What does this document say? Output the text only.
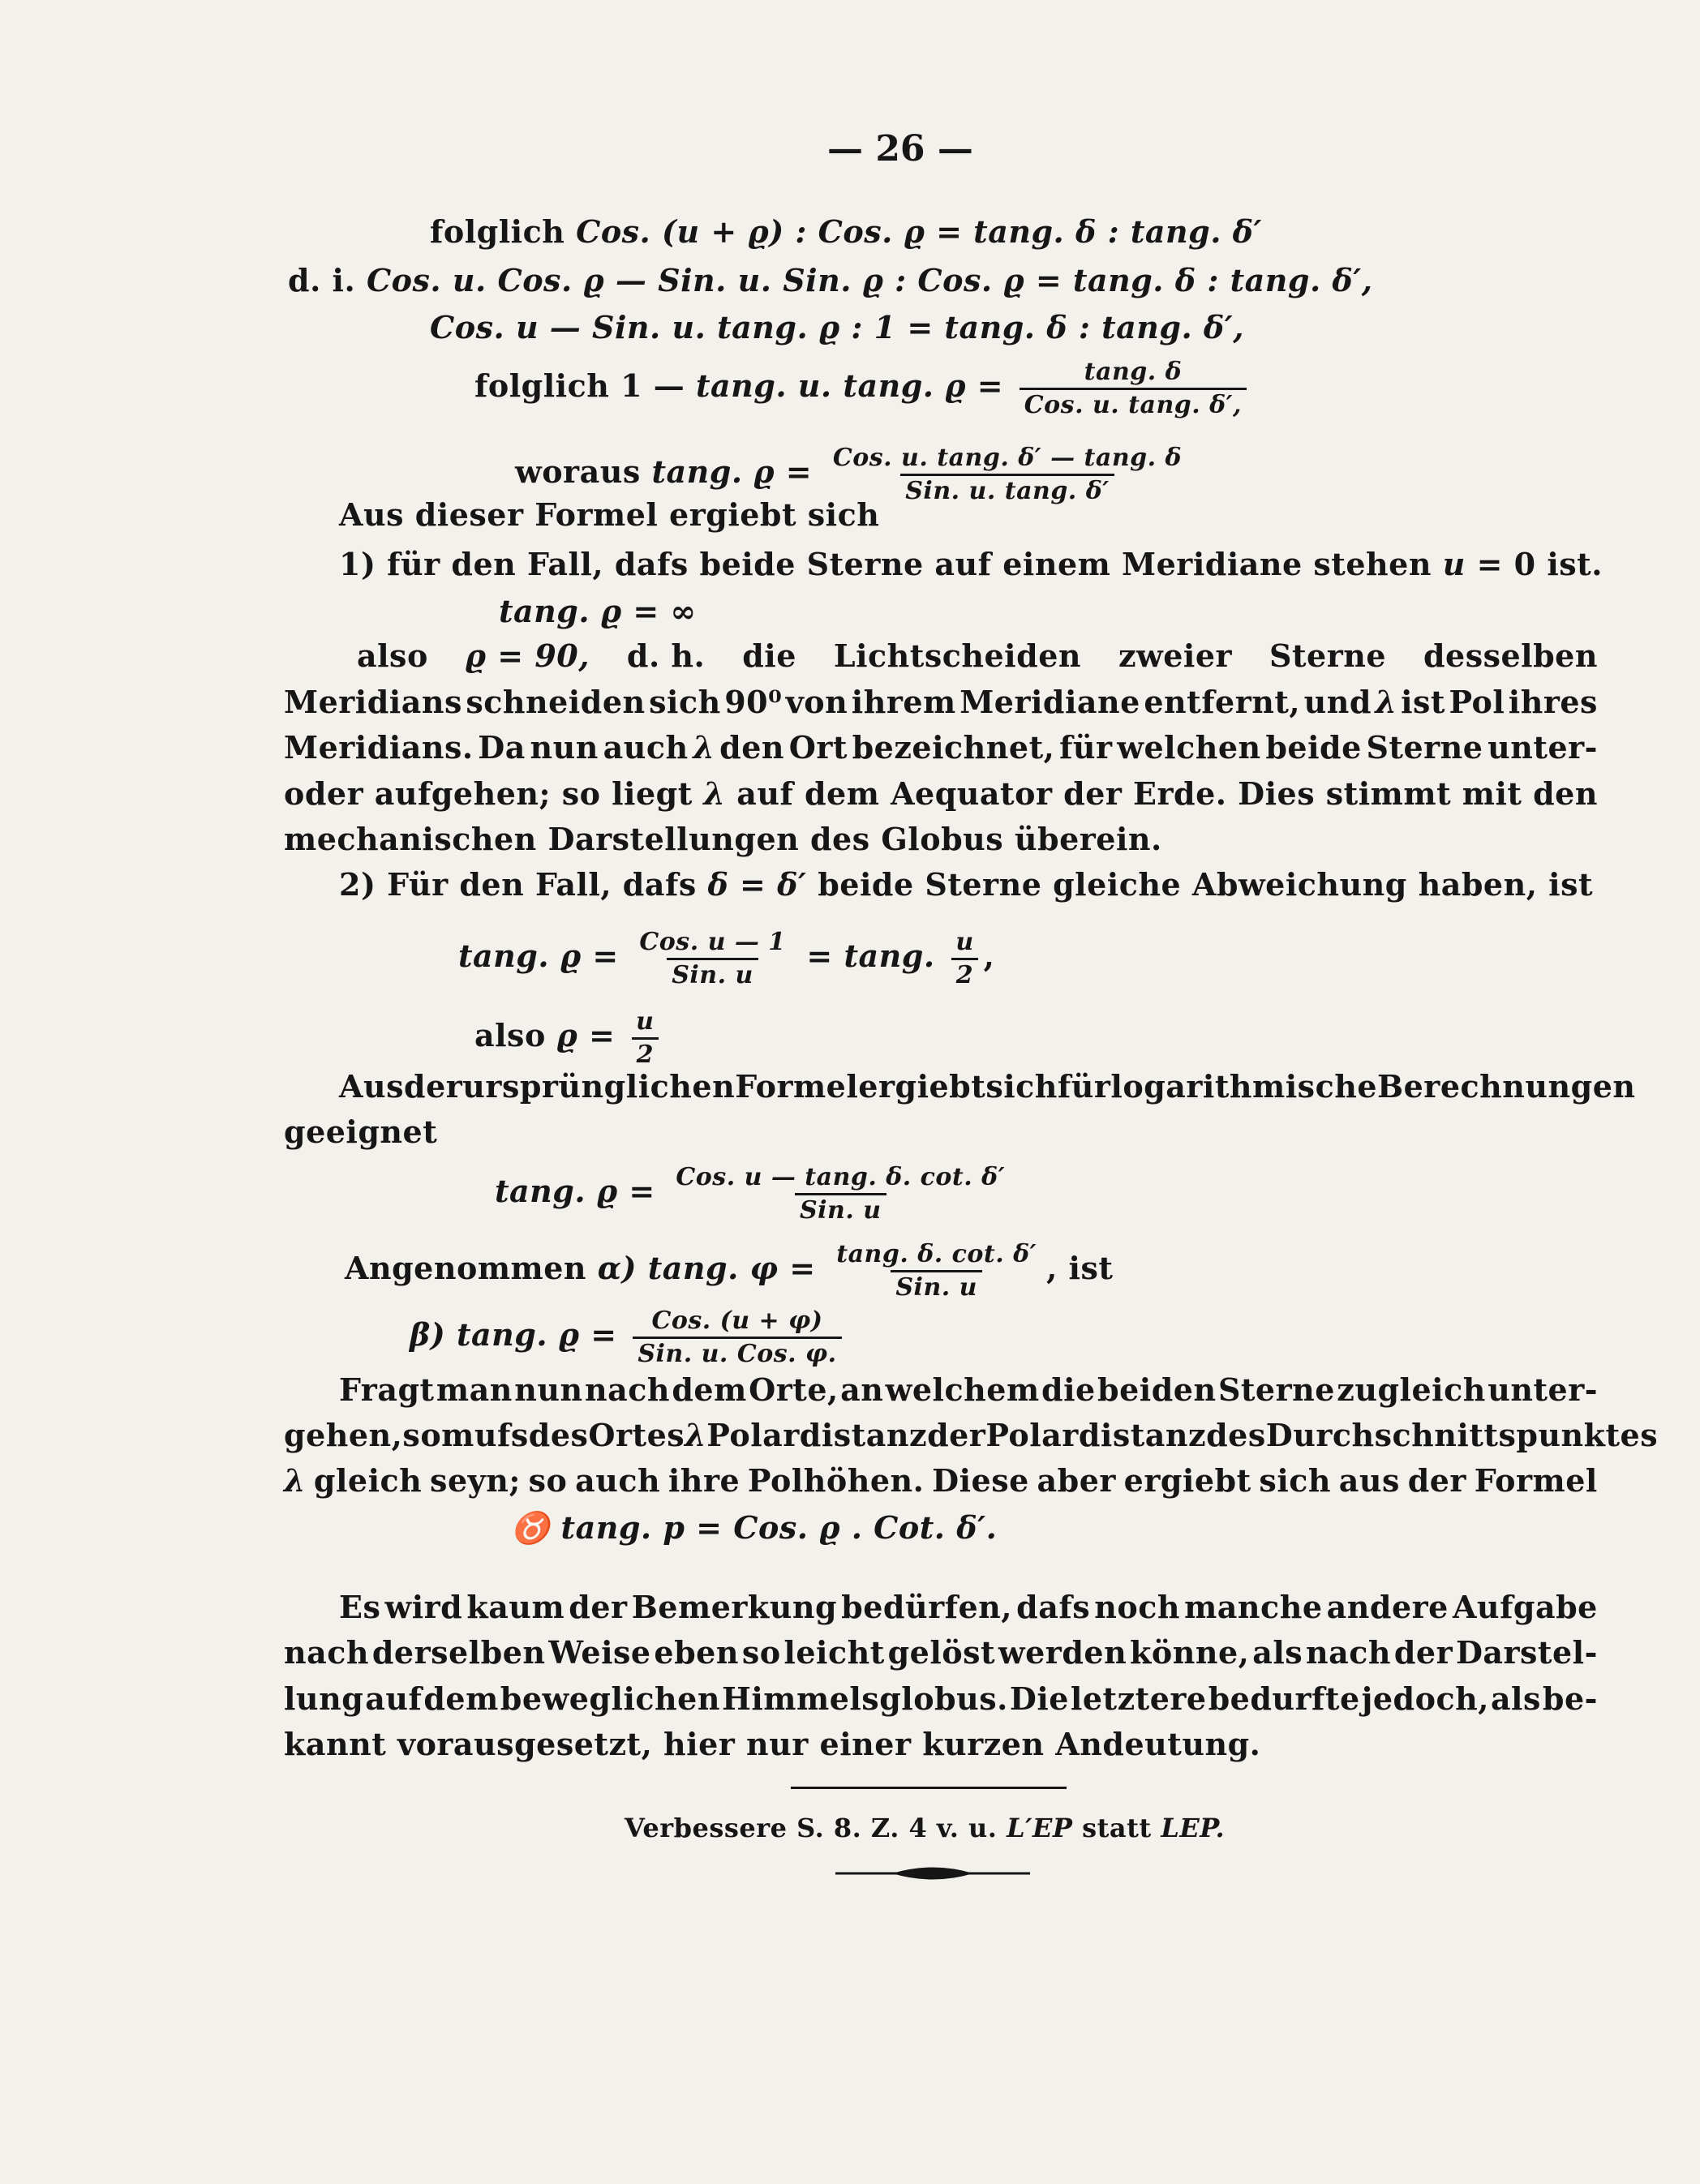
— 26 —
folglich Cos. (u + ϱ) : Cos. ϱ = tang. δ : tang. δ′
d. i. Cos. u. Cos. ϱ — Sin. u. Sin. ϱ : Cos. ϱ = tang. δ : tang. δ′,
Cos. u — Sin. u. tang. ϱ : 1 = tang. δ : tang. δ′,
folglich 1 — tang. u. tang. $ϱ = \frac{\tan g. \delta}{\text{Cos. u. tang. δ′,}}$
woraus tang. $ϱ = \frac{\text{Cos. u. tang. δ′ — tang. δ}}{\text{Sin. u. tang. δ′}}$
Aus dieser Formel ergiebt sich
1) für den Fall, dafs beide Sterne auf einem Meridiane stehen u = 0 ist.
tang. ϱ = ∞
also ϱ = 90, d. h. die Lichtscheiden zweier Sterne desselben
Meridians schneiden sich 90⁰ von ihrem Meridiane entfernt, und λ ist Pol ihres
Meridians. Da nun auch λ den Ort bezeichnet, für welchen beide Sterne unter-
oder aufgehen; so liegt λ auf dem Aequator der Erde. Dies stimmt mit den
mechanischen Darstellungen des Globus überein.
2) Für den Fall, dafs δ = δ′ beide Sterne gleiche Abweichung haben, ist
tang. $ϱ = \frac{\text{Cos. u — 1}}{\text{Sin. u}} = \tan g$. $\frac{u}{2}$ ,
also $ϱ = \frac{u}{2}$
Aus der ursprünglichen Formel ergiebt sich für logarithmische Berechnungen
geeignet
tang. $ϱ = \frac{\text{Cos. u — tang. δ. cot. δ′}}{\text{Sin. u}}$
Angenommen α) tang. $\varphi = \frac{\tan g. \delta. \cot. \delta'}{\text{Sin. u}}$ , ist
β) tang. $ϱ = \frac{\text{Cos. (u + φ)}}{\text{Sin. u. Cos. φ.}}$
Fragt man nun nach dem Orte, an welchem die beiden Sterne zugleich unter-
gehen, so mufs des Ortes λ Polardistanz der Polardistanz des Durchschnittspunktes
λ gleich seyn; so auch ihre Polhöhen. Diese aber ergiebt sich aus der Formel
♉ tang. p = Cos. ϱ . Cot. δ′.
Es wird kaum der Bemerkung bedürfen, dafs noch manche andere Aufgabe
nach derselben Weise eben so leicht gelöst werden könne, als nach der Darstel-
lung auf dem beweglichen Himmelsglobus. Die letztere bedurfte jedoch, als be-
kannt vorausgesetzt, hier nur einer kurzen Andeutung.
Verbessere S. 8. Z. 4 v. u. L′EP statt LEP.
